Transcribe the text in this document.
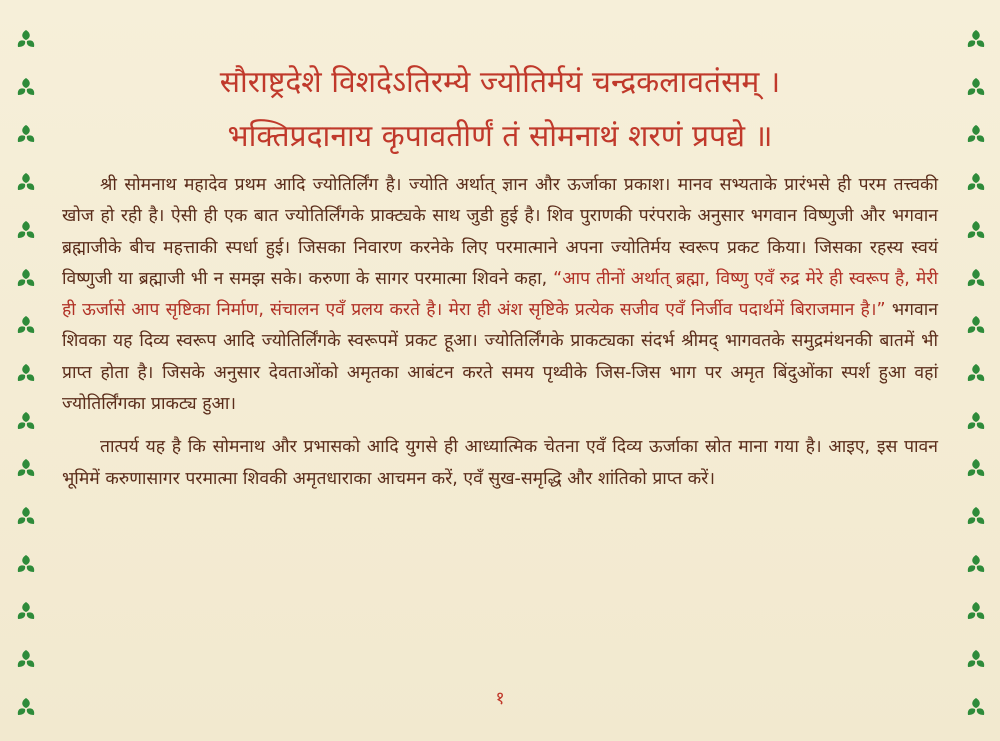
सौराष्ट्रदेशे विशदेऽतिरम्ये ज्योतिर्मयं चन्द्रकलावतंसम् ।
भक्तिप्रदानाय कृपावतीर्णं तं सोमनाथं शरणं प्रपद्ये ॥

श्री सोमनाथ महादेव प्रथम आदि ज्योतिर्लिंग है। ज्योति अर्थात् ज्ञान और ऊर्जाका प्रकाश। मानव सभ्यताके प्रारंभसे ही परम तत्त्वकी खोज हो रही है। ऐसी ही एक बात ज्योतिर्लिंगके प्राक्ट्यके साथ जुडी हुई है। शिव पुराणकी परंपराके अनुसार भगवान विष्णुजी और भगवान ब्रह्माजीके बीच महत्ताकी स्पर्धा हुई। जिसका निवारण करनेके लिए परमात्माने अपना ज्योतिर्मय स्वरूप प्रकट किया। जिसका रहस्य स्वयं विष्णुजी या ब्रह्माजी भी न समझ सके। करुणा के सागर परमात्मा शिवने कहा, “आप तीनों अर्थात् ब्रह्मा, विष्णु एवँ रुद्र मेरे ही स्वरूप है, मेरी ही ऊर्जासे आप सृष्टिका निर्माण, संचालन एवँ प्रलय करते है। मेरा ही अंश सृष्टिके प्रत्येक सजीव एवँ निर्जीव पदार्थमें बिराजमान है।” भगवान शिवका यह दिव्य स्वरूप आदि ज्योतिर्लिंगके स्वरूपमें प्रकट हूआ। ज्योतिर्लिंगके प्राकट्यका संदर्भ श्रीमद् भागवतके समुद्रमंथनकी बातमें भी प्राप्त होता है। जिसके अनुसार देवताओंको अमृतका आबंटन करते समय पृथ्वीके जिस-जिस भाग पर अमृत बिंदुओंका स्पर्श हुआ वहां ज्योतिर्लिंगका प्राकट्य हुआ।

तात्पर्य यह है कि सोमनाथ और प्रभासको आदि युगसे ही आध्यात्मिक चेतना एवँ दिव्य ऊर्जाका स्रोत माना गया है। आइए, इस पावन भूमिमें करुणासागर परमात्मा शिवकी अमृतधाराका आचमन करें, एवँ सुख-समृद्धि और शांतिको प्राप्त करें।

१
